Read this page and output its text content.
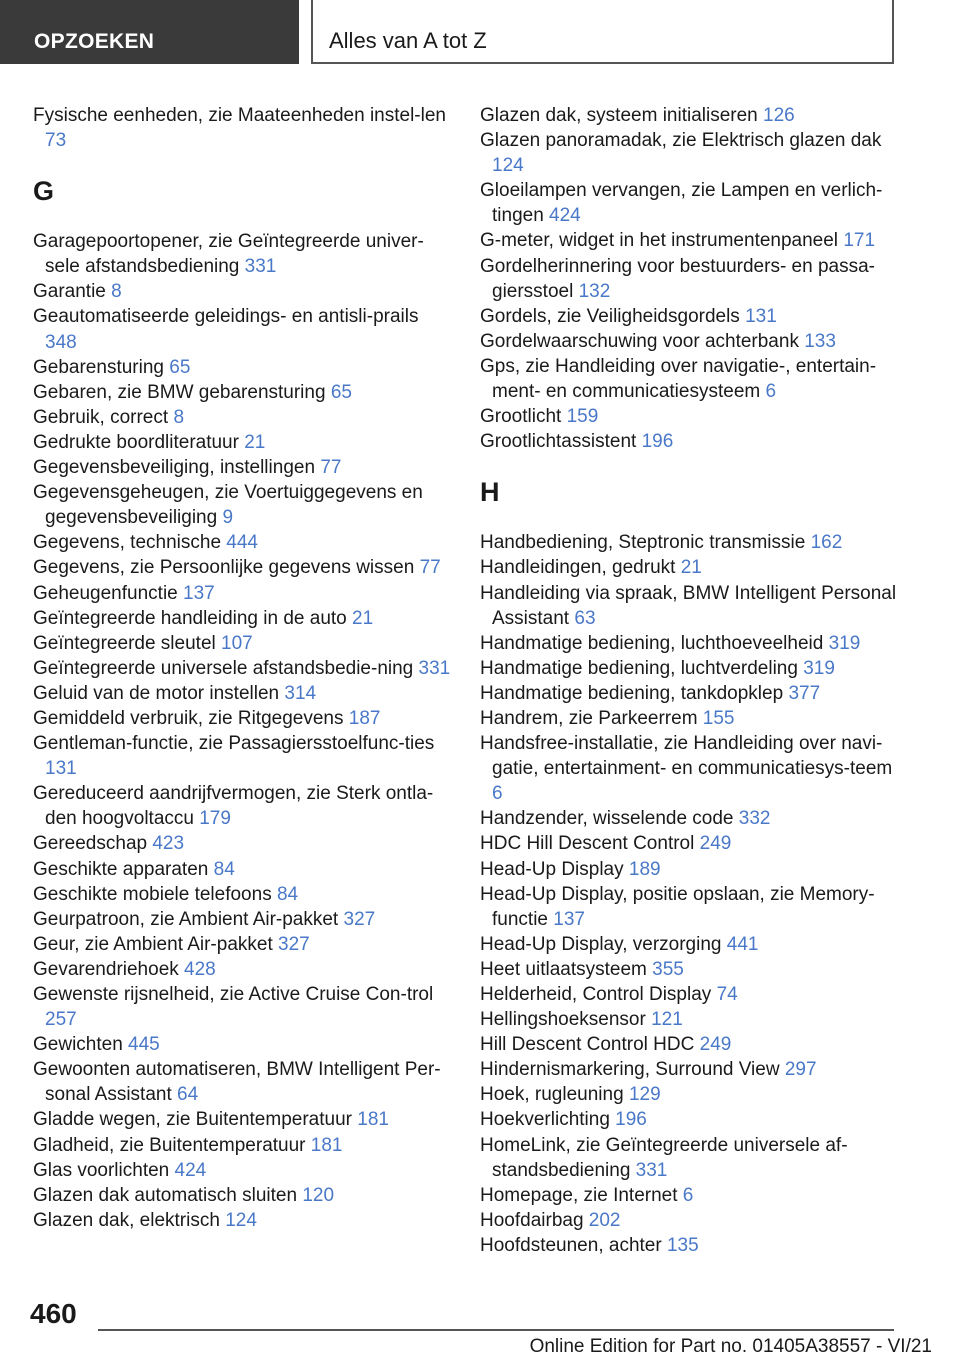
OPZOEKEN	Alles van A tot Z
Fysische eenheden, zie Maateenheden instel-len 73
G
Garagepoortopener, zie Geïntegreerde univer-sele afstandsbediening 331
Garantie 8
Geautomatiseerde geleidings- en antisli-prails 348
Gebarensturing 65
Gebaren, zie BMW gebarensturing 65
Gebruik, correct 8
Gedrukte boordliteratuur 21
Gegevensbeveiliging, instellingen 77
Gegevensgeheugen, zie Voertuiggegevens en gegevensbeveiliging 9
Gegevens, technische 444
Gegevens, zie Persoonlijke gegevens wissen 77
Geheugenfunctie 137
Geïntegreerde handleiding in de auto 21
Geïntegreerde sleutel 107
Geïntegreerde universele afstandsbedie-ning 331
Geluid van de motor instellen 314
Gemiddeld verbruik, zie Ritgegevens 187
Gentleman-functie, zie Passagiersstoelfunc-ties 131
Gereduceerd aandrijfvermogen, zie Sterk ontla-den hoogvoltaccu 179
Gereedschap 423
Geschikte apparaten 84
Geschikte mobiele telefoons 84
Geurpatroon, zie Ambient Air-pakket 327
Geur, zie Ambient Air-pakket 327
Gevarendriehoek 428
Gewenste rijsnelheid, zie Active Cruise Con-trol 257
Gewichten 445
Gewoonten automatiseren, BMW Intelligent Per-sonal Assistant 64
Gladde wegen, zie Buitentemperatuur 181
Gladheid, zie Buitentemperatuur 181
Glas voorlichten 424
Glazen dak automatisch sluiten 120
Glazen dak, elektrisch 124
Glazen dak, systeem initialiseren 126
Glazen panoramadak, zie Elektrisch glazen dak 124
Gloeilampen vervangen, zie Lampen en verlich-tingen 424
G-meter, widget in het instrumentenpaneel 171
Gordelherinnering voor bestuurders- en passa-giersstoel 132
Gordels, zie Veiligheidsgordels 131
Gordelwaarschuwing voor achterbank 133
Gps, zie Handleiding over navigatie-, entertain-ment- en communicatiesysteem 6
Grootlicht 159
Grootlichtassistent 196
H
Handbediening, Steptronic transmissie 162
Handleidingen, gedrukt 21
Handleiding via spraak, BMW Intelligent Personal Assistant 63
Handmatige bediening, luchthoeveelheid 319
Handmatige bediening, luchtverdeling 319
Handmatige bediening, tankdopklep 377
Handrem, zie Parkeerrem 155
Handsfree-installatie, zie Handleiding over navi-gatie, entertainment- en communicatiesys-teem 6
Handzender, wisselende code 332
HDC Hill Descent Control 249
Head-Up Display 189
Head-Up Display, positie opslaan, zie Memory-functie 137
Head-Up Display, verzorging 441
Heet uitlaatsysteem 355
Helderheid, Control Display 74
Hellingshoeksensor 121
Hill Descent Control HDC 249
Hindernismarkering, Surround View 297
Hoek, rugleuning 129
Hoekverlichting 196
HomeLink, zie Geïntegreerde universele af-standsbediening 331
Homepage, zie Internet 6
Hoofdairbag 202
Hoofdsteunen, achter 135
460
Online Edition for Part no. 01405A38557 - VI/21
